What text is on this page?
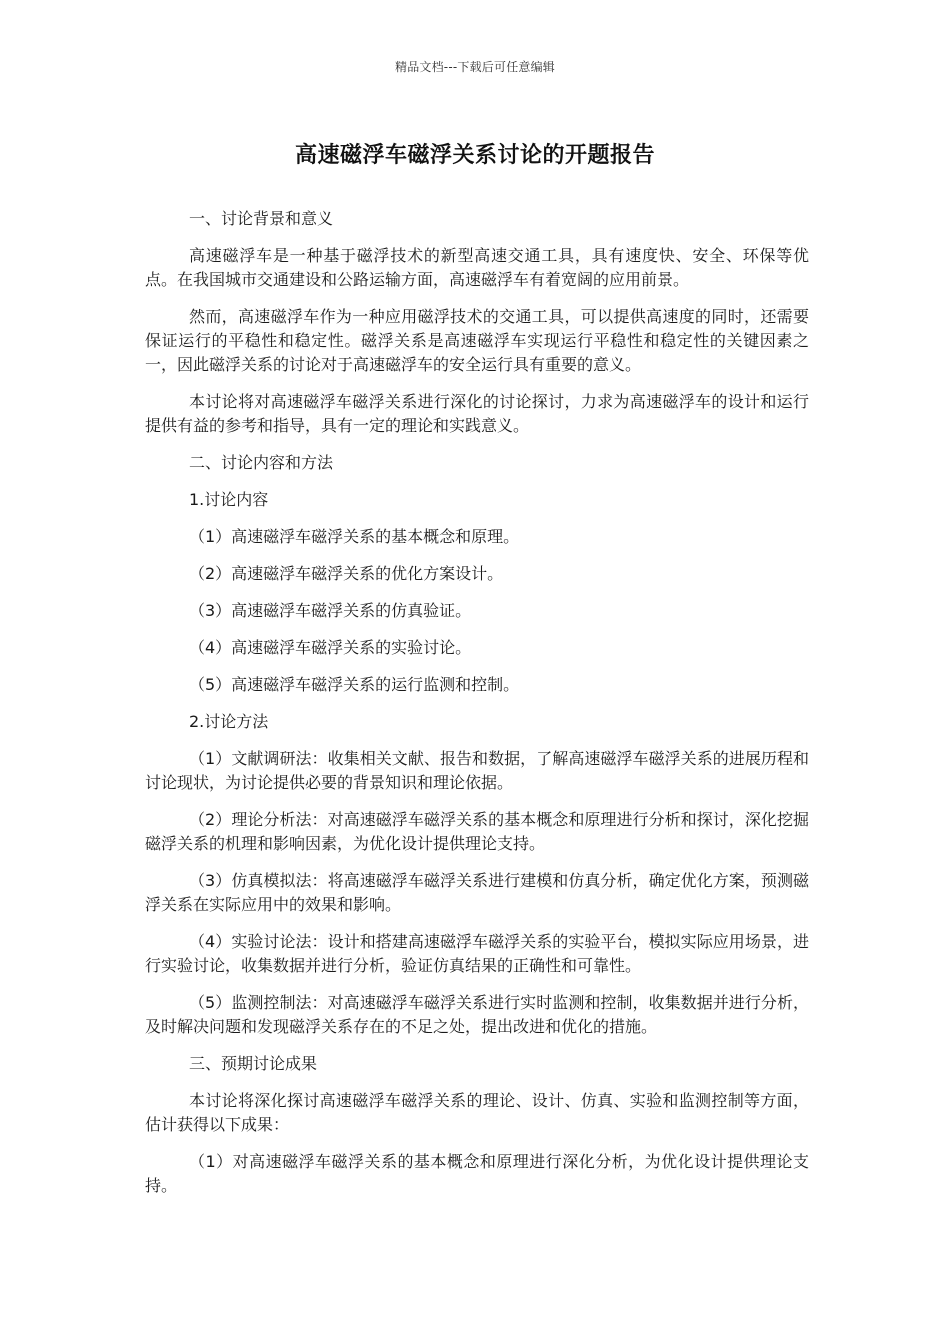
精品文档---下载后可任意编辑
高速磁浮车磁浮关系讨论的开题报告

一、讨论背景和意义

高速磁浮车是一种基于磁浮技术的新型高速交通工具，具有速度快、安全、环保等优点。在我国城市交通建设和公路运输方面，高速磁浮车有着宽阔的应用前景。

然而，高速磁浮车作为一种应用磁浮技术的交通工具，可以提供高速度的同时，还需要保证运行的平稳性和稳定性。磁浮关系是高速磁浮车实现运行平稳性和稳定性的关键因素之一，因此磁浮关系的讨论对于高速磁浮车的安全运行具有重要的意义。

本讨论将对高速磁浮车磁浮关系进行深化的讨论探讨，力求为高速磁浮车的设计和运行提供有益的参考和指导，具有一定的理论和实践意义。

二、讨论内容和方法

1.讨论内容

（1）高速磁浮车磁浮关系的基本概念和原理。

（2）高速磁浮车磁浮关系的优化方案设计。

（3）高速磁浮车磁浮关系的仿真验证。

（4）高速磁浮车磁浮关系的实验讨论。

（5）高速磁浮车磁浮关系的运行监测和控制。

2.讨论方法

（1）文献调研法：收集相关文献、报告和数据，了解高速磁浮车磁浮关系的进展历程和讨论现状，为讨论提供必要的背景知识和理论依据。

（2）理论分析法：对高速磁浮车磁浮关系的基本概念和原理进行分析和探讨，深化挖掘磁浮关系的机理和影响因素，为优化设计提供理论支持。

（3）仿真模拟法：将高速磁浮车磁浮关系进行建模和仿真分析，确定优化方案，预测磁浮关系在实际应用中的效果和影响。

（4）实验讨论法：设计和搭建高速磁浮车磁浮关系的实验平台，模拟实际应用场景，进行实验讨论，收集数据并进行分析，验证仿真结果的正确性和可靠性。

（5）监测控制法：对高速磁浮车磁浮关系进行实时监测和控制，收集数据并进行分析，及时解决问题和发现磁浮关系存在的不足之处，提出改进和优化的措施。

三、预期讨论成果

本讨论将深化探讨高速磁浮车磁浮关系的理论、设计、仿真、实验和监测控制等方面，估计获得以下成果：

（1）对高速磁浮车磁浮关系的基本概念和原理进行深化分析，为优化设计提供理论支持。
